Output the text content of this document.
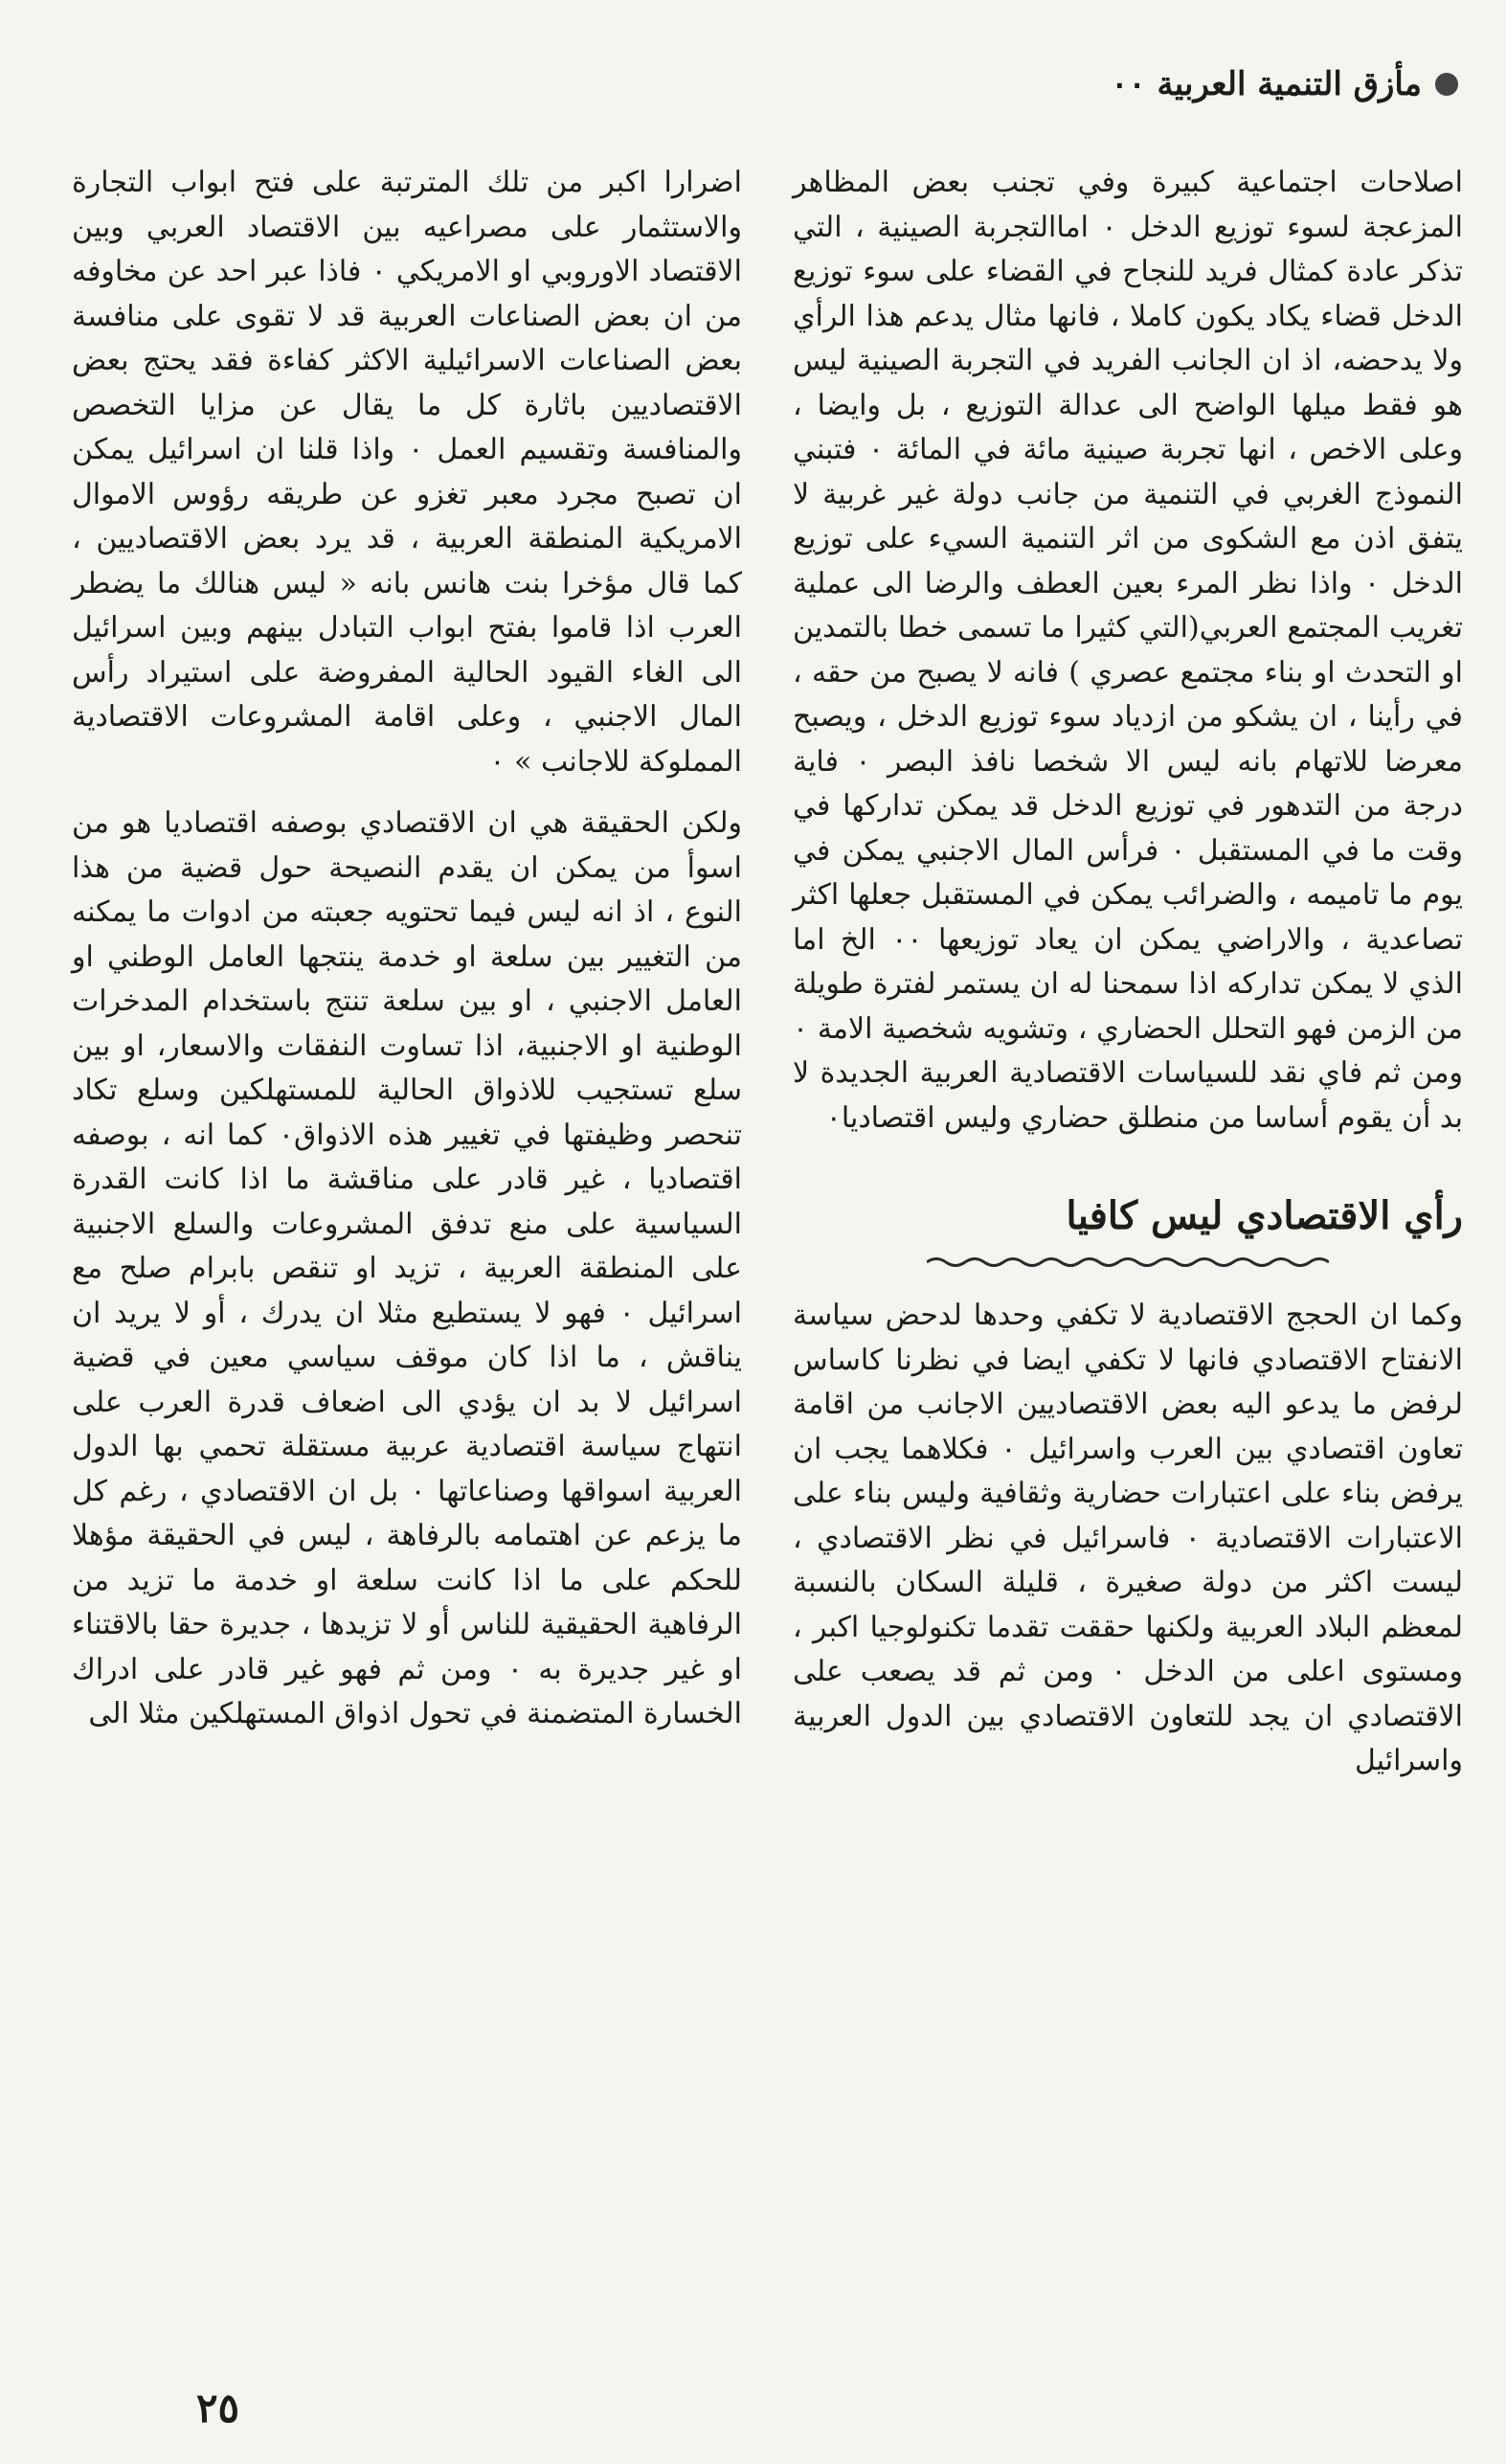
مأزق التنمية العربية ٠٠

اصلاحات اجتماعية كبيرة وفي تجنب بعض المظاهر المزعجة لسوء توزيع الدخل ٠ اماالتجربة الصينية ، التي تذكر عادة كمثال فريد للنجاح في القضاء على سوء توزيع الدخل قضاء يكاد يكون كاملا ، فانها مثال يدعم هذا الرأي ولا يدحضه، اذ ان الجانب الفريد في التجربة الصينية ليس هو فقط ميلها الواضح الى عدالة التوزيع ، بل وايضا ، وعلى الاخص ، انها تجربة صينية مائة في المائة ٠ فتبني النموذج الغربي في التنمية من جانب دولة غير غربية لا يتفق اذن مع الشكوى من اثر التنمية السيء على توزيع الدخل ٠ واذا نظر المرء بعين العطف والرضا الى عملية تغريب المجتمع العربي(التي كثيرا ما تسمى خطا بالتمدين او التحدث او بناء مجتمع عصري ) فانه لا يصبح من حقه ، في رأينا ، ان يشكو من ازدياد سوء توزيع الدخل ، ويصبح معرضا للاتهام بانه ليس الا شخصا نافذ البصر ٠ فاية درجة من التدهور في توزيع الدخل قد يمكن تداركها في وقت ما في المستقبل ٠ فرأس المال الاجنبي يمكن في يوم ما تاميمه ، والضرائب يمكن في المستقبل جعلها اكثر تصاعدية ، والاراضي يمكن ان يعاد توزيعها ٠٠ الخ اما الذي لا يمكن تداركه اذا سمحنا له ان يستمر لفترة طويلة من الزمن فهو التحلل الحضاري ، وتشويه شخصية الامة ٠ ومن ثم فاي نقد للسياسات الاقتصادية العربية الجديدة لا بد أن يقوم أساسا من منطلق حضاري وليس اقتصاديا٠

رأي الاقتصادي ليس كافيا

وكما ان الحجج الاقتصادية لا تكفي وحدها لدحض سياسة الانفتاح الاقتصادي فانها لا تكفي ايضا في نظرنا كاساس لرفض ما يدعو اليه بعض الاقتصاديين الاجانب من اقامة تعاون اقتصادي بين العرب واسرائيل ٠ فكلاهما يجب ان يرفض بناء على اعتبارات حضارية وثقافية وليس بناء على الاعتبارات الاقتصادية ٠ فاسرائيل في نظر الاقتصادي ، ليست اكثر من دولة صغيرة ، قليلة السكان بالنسبة لمعظم البلاد العربية ولكنها حققت تقدما تكنولوجيا اكبر ، ومستوى اعلى من الدخل ٠ ومن ثم قد يصعب على الاقتصادي ان يجد للتعاون الاقتصادي بين الدول العربية واسرائيل

اضرارا اكبر من تلك المترتبة على فتح ابواب التجارة والاستثمار على مصراعيه بين الاقتصاد العربي وبين الاقتصاد الاوروبي او الامريكي ٠ فاذا عبر احد عن مخاوفه من ان بعض الصناعات العربية قد لا تقوى على منافسة بعض الصناعات الاسرائيلية الاكثر كفاءة فقد يحتج بعض الاقتصاديين باثارة كل ما يقال عن مزايا التخصص والمنافسة وتقسيم العمل ٠ واذا قلنا ان اسرائيل يمكن ان تصبح مجرد معبر تغزو عن طريقه رؤوس الاموال الامريكية المنطقة العربية ، قد يرد بعض الاقتصاديين ، كما قال مؤخرا بنت هانس بانه « ليس هنالك ما يضطر العرب اذا قاموا بفتح ابواب التبادل بينهم وبين اسرائيل الى الغاء القيود الحالية المفروضة على استيراد رأس المال الاجنبي ، وعلى اقامة المشروعات الاقتصادية المملوكة للاجانب » ٠

ولكن الحقيقة هي ان الاقتصادي بوصفه اقتصاديا هو من اسوأ من يمكن ان يقدم النصيحة حول قضية من هذا النوع ، اذ انه ليس فيما تحتويه جعبته من ادوات ما يمكنه من التغيير بين سلعة او خدمة ينتجها العامل الوطني او العامل الاجنبي ، او بين سلعة تنتج باستخدام المدخرات الوطنية او الاجنبية، اذا تساوت النفقات والاسعار، او بين سلع تستجيب للاذواق الحالية للمستهلكين وسلع تكاد تنحصر وظيفتها في تغيير هذه الاذواق٠ كما انه ، بوصفه اقتصاديا ، غير قادر على مناقشة ما اذا كانت القدرة السياسية على منع تدفق المشروعات والسلع الاجنبية على المنطقة العربية ، تزيد او تنقص بابرام صلح مع اسرائيل ٠ فهو لا يستطيع مثلا ان يدرك ، أو لا يريد ان يناقش ، ما اذا كان موقف سياسي معين في قضية اسرائيل لا بد ان يؤدي الى اضعاف قدرة العرب على انتهاج سياسة اقتصادية عربية مستقلة تحمي بها الدول العربية اسواقها وصناعاتها ٠ بل ان الاقتصادي ، رغم كل ما يزعم عن اهتمامه بالرفاهة ، ليس في الحقيقة مؤهلا للحكم على ما اذا كانت سلعة او خدمة ما تزيد من الرفاهية الحقيقية للناس أو لا تزيدها ، جديرة حقا بالاقتناء او غير جديرة به ٠ ومن ثم فهو غير قادر على ادراك الخسارة المتضمنة في تحول اذواق المستهلكين مثلا الى

٢٥
